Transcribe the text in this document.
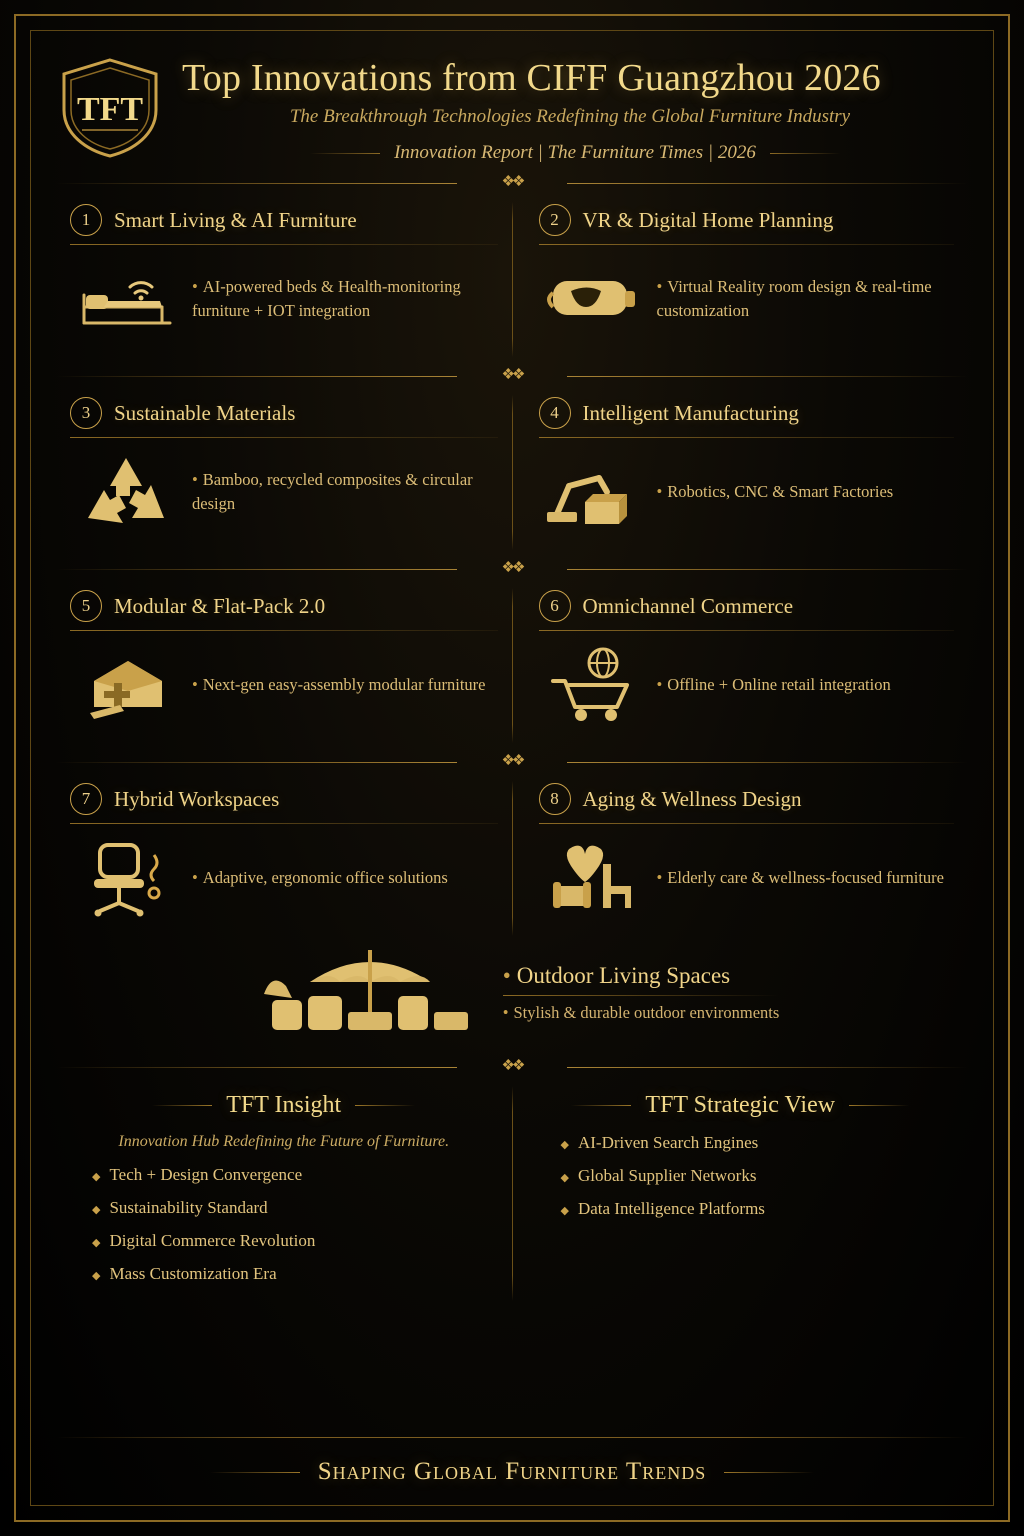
TFT
Top Innovations from CIFF Guangzhou 2026
The Breakthrough Technologies Redefining the Global Furniture Industry
Innovation Report | The Furniture Times | 2026
❖❖
1	Smart Living & AI Furniture
• AI-powered beds & Health-monitoring furniture + IOT integration
2	VR & Digital Home Planning
• Virtual Reality room design & real-time customization
❖❖
3	Sustainable Materials
• Bamboo, recycled composites & circular design
4	Intelligent Manufacturing
• Robotics, CNC & Smart Factories
❖❖
5	Modular & Flat-Pack 2.0
• Next-gen easy-assembly modular furniture
6	Omnichannel Commerce
• Offline + Online retail integration
❖❖
7	Hybrid Workspaces
• Adaptive, ergonomic office solutions
8	Aging & Wellness Design
• Elderly care & wellness-focused furniture
• Outdoor Living Spaces
• Stylish & durable outdoor environments
❖❖
TFT Insight
Innovation Hub Redefining the Future of Furniture.
◆ Tech + Design Convergence
◆ Sustainability Standard
◆ Digital Commerce Revolution
◆ Mass Customization Era
TFT Strategic View
◆ AI-Driven Search Engines
◆ Global Supplier Networks
◆ Data Intelligence Platforms
Shaping Global Furniture Trends
